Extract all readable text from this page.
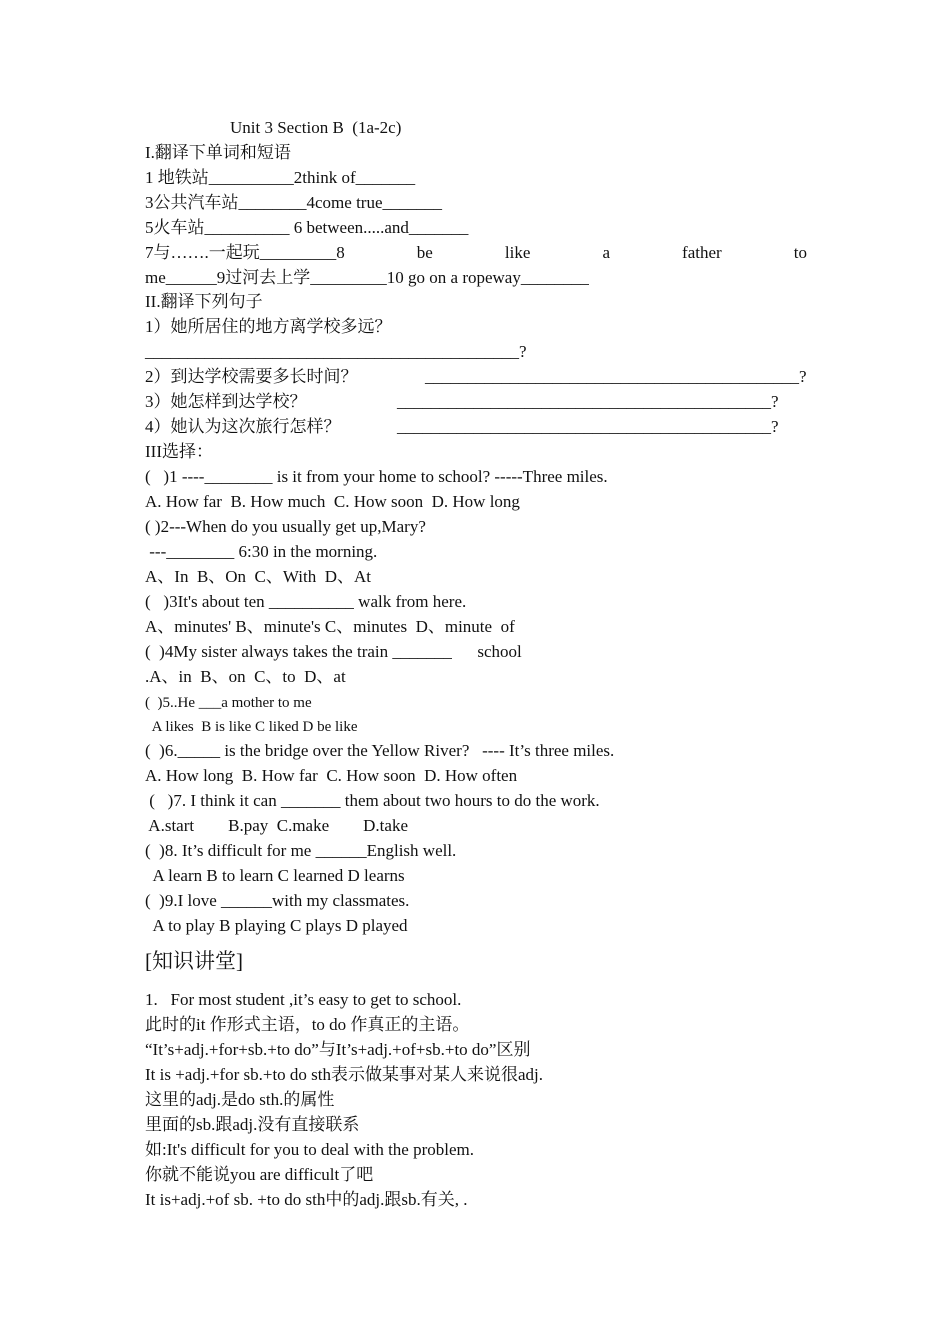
Unit 3 Section B  (1a-2c)
I.翻译下单词和短语
1 地铁站__________2think of_______
3公共汽车站________4come true_______
5火车站__________ 6 between.....and_______
7与…….一起玩_________8	be	like	a	father	to
me______9过河去上学_________10 go on a ropeway________
II.翻译下列句子
1）她所居住的地方离学校多远？
____________________________________________?
2）到达学校需要多长时间？	____________________________________________?
3）她怎样到达学校？	____________________________________________?
4）她认为这次旅行怎样？	____________________________________________?
III选择：
(   )1 ----________ is it from your home to school? -----Three miles.
A. How far  B. How much  C. How soon  D. How long
( )2---When do you usually get up,Mary?
---________ 6:30 in the morning.
A、In  B、On  C、With  D、At
(   )3It's about ten __________ walk from here.
A、minutes' B、minute's C、minutes  D、minute  of
(  )4My sister always takes the train _______      school
.A、in  B、on  C、to  D、at
(  )5..He ___a mother to me
A likes  B is like C liked D be like
(  )6._____ is the bridge over the Yellow River?   ---- It’s three miles.
A. How long  B. How far  C. How soon  D. How often
(   )7. I think it can _______ them about two hours to do the work.
A.start        B.pay  C.make        D.take
(  )8. It’s difficult for me ______English well.
A learn B to learn C learned D learns
(  )9.I love ______with my classmates.
A to play B playing C plays D played
[知识讲堂]
1.   For most student ,it’s easy to get to school.
此时的it 作形式主语，to do 作真正的主语。
“It’s+adj.+for+sb.+to do”与It’s+adj.+of+sb.+to do”区别
It is +adj.+for sb.+to do sth表示做某事对某人来说很adj.
这里的adj.是do sth.的属性
里面的sb.跟adj.没有直接联系
如:It's difficult for you to deal with the problem.
你就不能说you are difficult了吧
It is+adj.+of sb. +to do sth中的adj.跟sb.有关, .
